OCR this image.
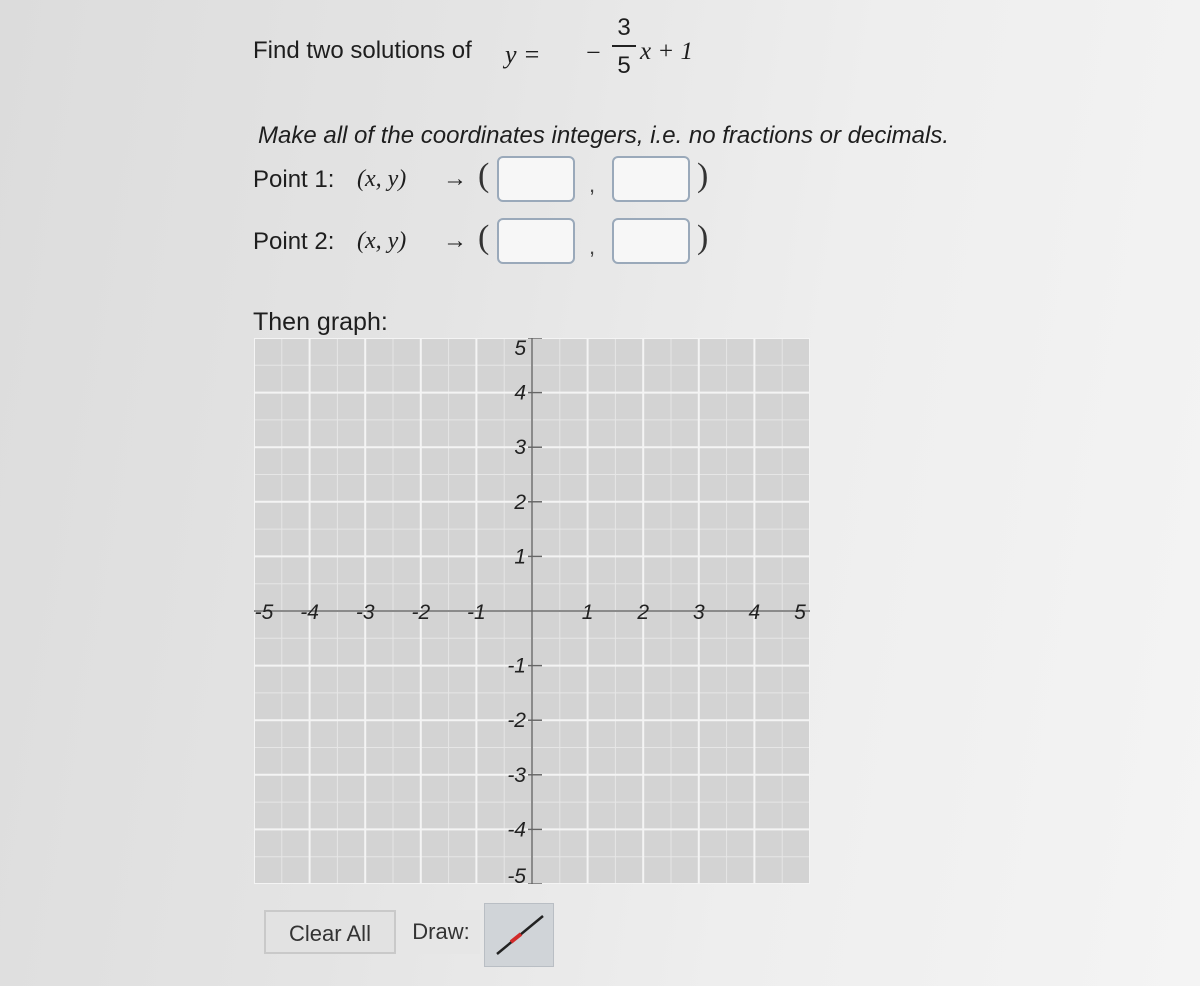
Find two solutions of y = −
3
5
x + 1
Make all of the coordinates integers, i.e. no fractions or decimals.
Point 1: (x, y) → (	,	)
Point 2: (x, y) → (	,	)
Then graph:
-5 -4 -3 -2 -1	1 2 3 4 5
5
4
3
2
1
-1
-2
-3
-4
-5
Clear All	Draw:
